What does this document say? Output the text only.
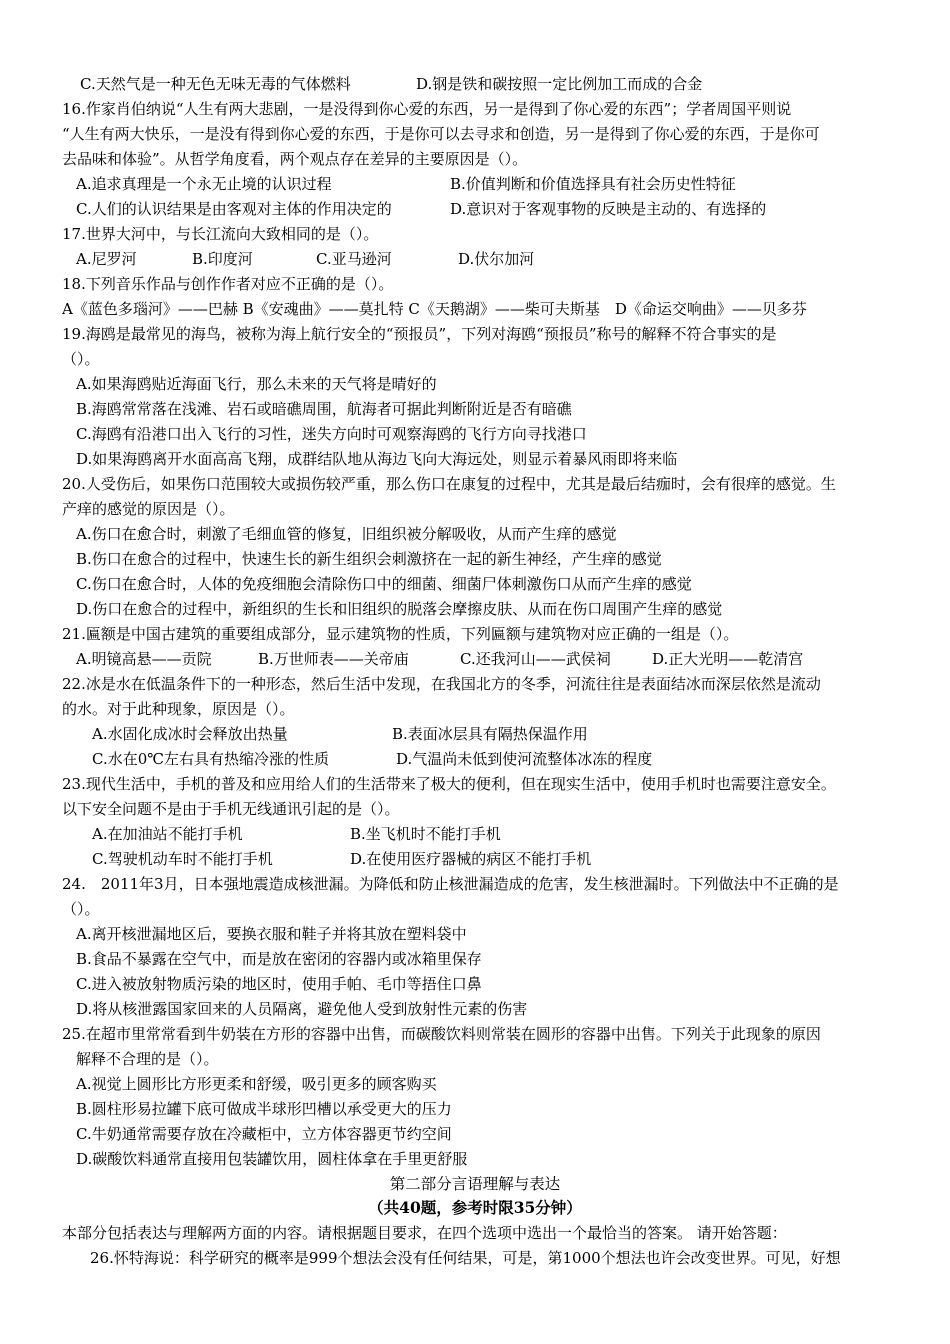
C.天然气是一种无色无味无毒的气体燃料	D.钢是铁和碳按照一定比例加工而成的合金
16.作家肖伯纳说“人生有两大悲剧，一是没得到你心爱的东西，另一是得到了你心爱的东西”；学者周国平则说
“人生有两大快乐，一是没有得到你心爱的东西，于是你可以去寻求和创造，另一是得到了你心爱的东西，于是你可
去品味和体验”。从哲学角度看，两个观点存在差异的主要原因是（）。
A.追求真理是一个永无止境的认识过程	B.价值判断和价值选择具有社会历史性特征
C.人们的认识结果是由客观对主体的作用决定的	D.意识对于客观事物的反映是主动的、有选择的
17.世界大河中，与长江流向大致相同的是（）。
A.尼罗河	B.印度河	C.亚马逊河	D.伏尔加河
18.下列音乐作品与创作作者对应不正确的是（）。
A《蓝色多瑙河》——巴赫 B《安魂曲》——莫扎特 C《天鹅湖》——柴可夫斯基　D《命运交响曲》——贝多芬
19.海鸥是最常见的海鸟，被称为海上航行安全的“预报员”，下列对海鸥“预报员”称号的解释不符合事实的是
（）。
A.如果海鸥贴近海面飞行，那么未来的天气将是晴好的
B.海鸥常常落在浅滩、岩石或暗礁周围，航海者可据此判断附近是否有暗礁
C.海鸥有沿港口出入飞行的习性，迷失方向时可观察海鸥的飞行方向寻找港口
D.如果海鸥离开水面高高飞翔，成群结队地从海边飞向大海远处，则显示着暴风雨即将来临
20.人受伤后，如果伤口范围较大或损伤较严重，那么伤口在康复的过程中，尤其是最后结痂时，会有很痒的感觉。生
产痒的感觉的原因是（）。
A.伤口在愈合时，刺激了毛细血管的修复，旧组织被分解吸收，从而产生痒的感觉
B.伤口在愈合的过程中，快速生长的新生组织会刺激挤在一起的新生神经，产生痒的感觉
C.伤口在愈合时，人体的免疫细胞会清除伤口中的细菌、细菌尸体刺激伤口从而产生痒的感觉
D.伤口在愈合的过程中，新组织的生长和旧组织的脱落会摩擦皮肤、从而在伤口周围产生痒的感觉
21.匾额是中国古建筑的重要组成部分，显示建筑物的性质，下列匾额与建筑物对应正确的一组是（）。
A.明镜高悬——贡院	B.万世师表——关帝庙	C.还我河山——武侯祠	D.正大光明——乾清宫
22.冰是水在低温条件下的一种形态，然后生活中发现，在我国北方的冬季，河流往往是表面结冰而深层依然是流动
的水。对于此种现象，原因是（）。
A.水固化成冰时会释放出热量	B.表面冰层具有隔热保温作用
C.水在0℃左右具有热缩冷涨的性质	D.气温尚未低到使河流整体冰冻的程度
23.现代生活中，手机的普及和应用给人们的生活带来了极大的便利，但在现实生活中，使用手机时也需要注意安全。
以下安全问题不是由于手机无线通讯引起的是（）。
A.在加油站不能打手机	B.坐飞机时不能打手机
C.驾驶机动车时不能打手机	D.在使用医疗器械的病区不能打手机
24.　2011年3月，日本强地震造成核泄漏。为降低和防止核泄漏造成的危害，发生核泄漏时。下列做法中不正确的是
（）。
A.离开核泄漏地区后，要换衣服和鞋子并将其放在塑料袋中
B.食品不暴露在空气中，而是放在密闭的容器内或冰箱里保存
C.进入被放射物质污染的地区时，使用手帕、毛巾等捂住口鼻
D.将从核泄露国家回来的人员隔离，避免他人受到放射性元素的伤害
25.在超市里常常看到牛奶装在方形的容器中出售，而碳酸饮料则常装在圆形的容器中出售。下列关于此现象的原因
解释不合理的是（）。
A.视觉上圆形比方形更柔和舒缓，吸引更多的顾客购买
B.圆柱形易拉罐下底可做成半球形凹槽以承受更大的压力
C.牛奶通常需要存放在冷藏柜中，立方体容器更节约空间
D.碳酸饮料通常直接用包装罐饮用，圆柱体拿在手里更舒服
第二部分言语理解与表达
（共40题，参考时限35分钟）
本部分包括表达与理解两方面的内容。请根据题目要求，在四个选项中选出一个最恰当的答案。 请开始答题：
26.怀特海说：科学研究的概率是999个想法会没有任何结果，可是，第1000个想法也许会改变世界。可见，好想
